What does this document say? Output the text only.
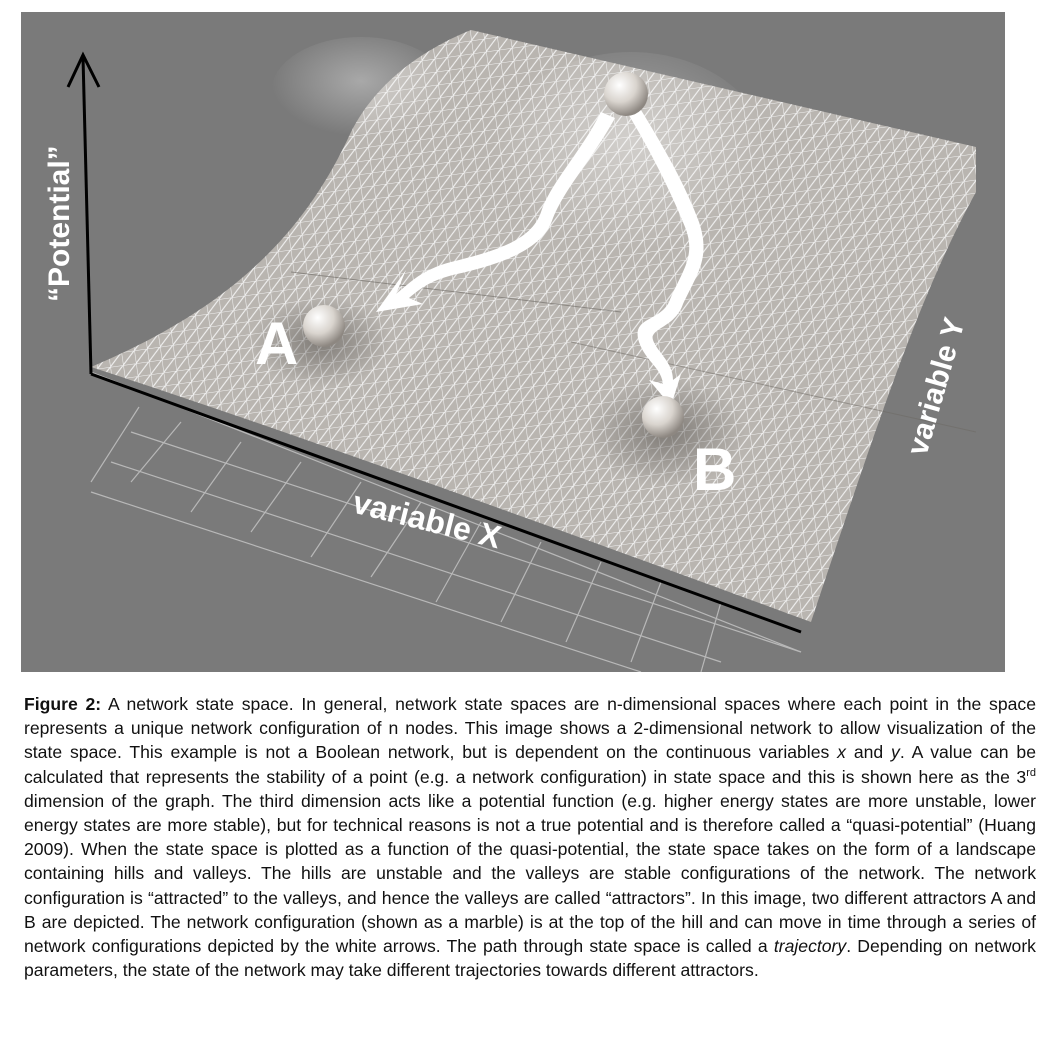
“Potential”
A
B
variable X
variable Y

Figure 2: A network state space. In general, network state spaces are n-dimensional spaces where each point in the space represents a unique network configuration of n nodes. This image shows a 2-dimensional network to allow visualization of the state space. This example is not a Boolean network, but is dependent on the continuous variables x and y. A value can be calculated that represents the stability of a point (e.g. a network configuration) in state space and this is shown here as the 3rd dimension of the graph. The third dimension acts like a potential function (e.g. higher energy states are more unstable, lower energy states are more stable), but for technical reasons is not a true potential and is therefore called a “quasi-potential” (Huang 2009). When the state space is plotted as a function of the quasi-potential, the state space takes on the form of a landscape containing hills and valleys. The hills are unstable and the valleys are stable configurations of the network. The network configuration is “attracted” to the valleys, and hence the valleys are called “attractors”. In this image, two different attractors A and B are depicted. The network configuration (shown as a marble) is at the top of the hill and can move in time through a series of network configurations depicted by the white arrows. The path through state space is called a trajectory. Depending on network parameters, the state of the network may take different trajectories towards different attractors.
